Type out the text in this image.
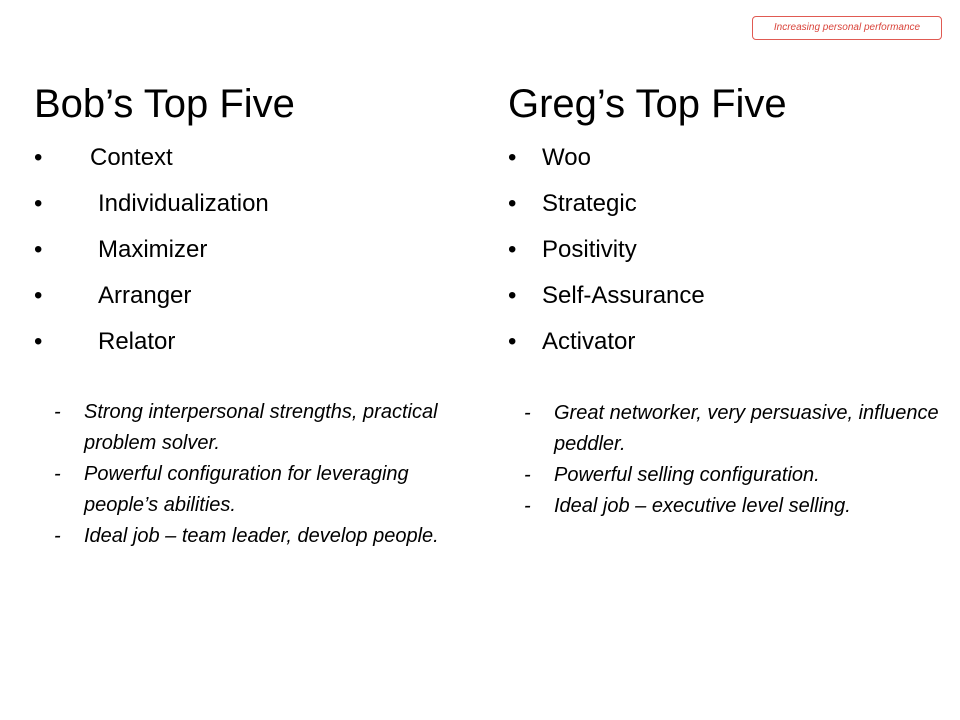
Increasing personal performance
Bob’s Top Five	Greg’s Top Five
• Context
• Individualization
• Maximizer
• Arranger
• Relator
• Woo
• Strategic
• Positivity
• Self-Assurance
• Activator
- Strong interpersonal strengths, practical problem solver.
- Powerful configuration for leveraging people’s abilities.
- Ideal job – team leader, develop people.
- Great networker, very persuasive, influence peddler.
- Powerful selling configuration.
- Ideal job – executive level selling.
